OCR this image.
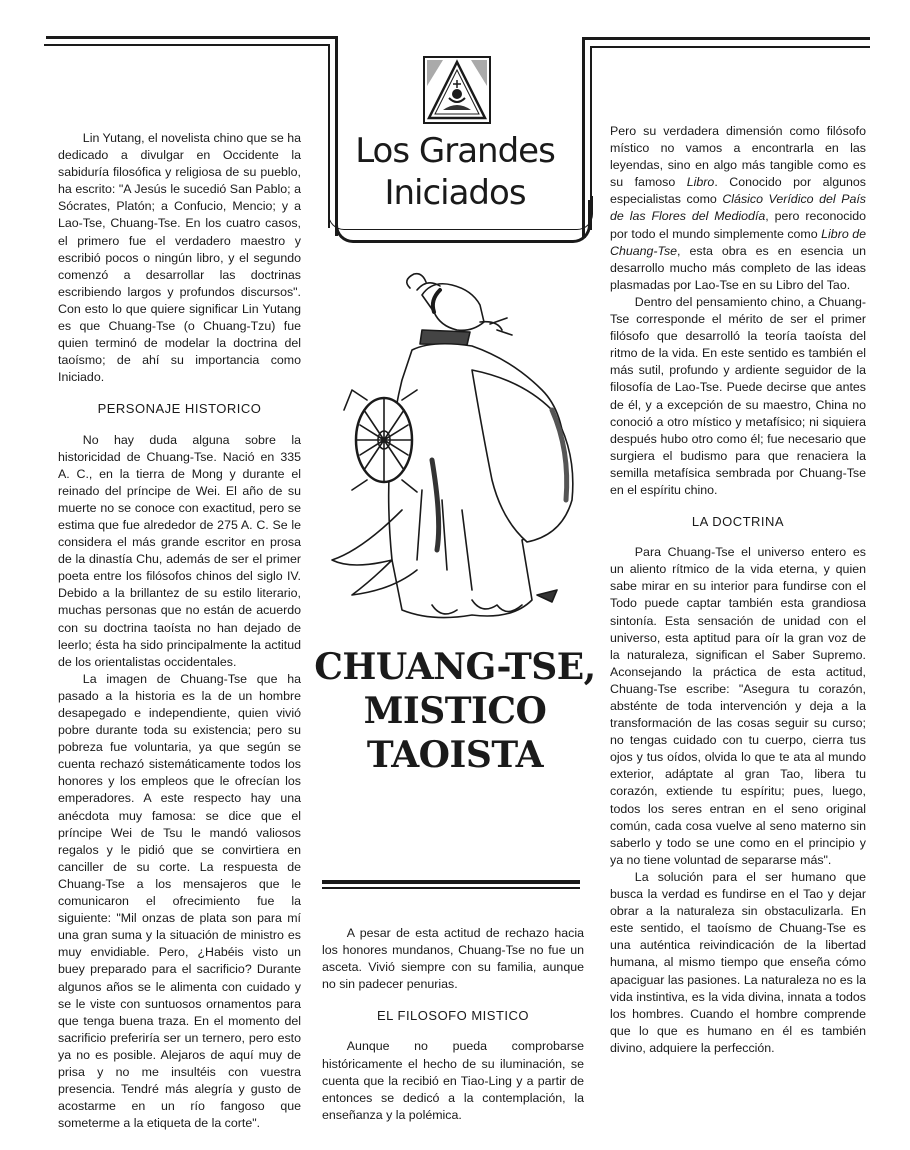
Los Grandes
Iniciados
CHUANG-TSE,
MISTICO
TAOISTA

Lin Yutang, el novelista chino que se ha dedicado a divulgar en Occidente la sabiduría filosófica y religiosa de su pueblo, ha escrito: "A Jesús le sucedió San Pablo; a Sócrates, Platón; a Confucio, Mencio; y a Lao-Tse, Chuang-Tse. En los cuatro casos, el primero fue el verdadero maestro y escribió pocos o ningún libro, y el segundo comenzó a desarrollar las doctrinas escribiendo largos y profundos discursos". Con esto lo que quiere significar Lin Yutang es que Chuang-Tse (o Chuang-Tzu) fue quien terminó de modelar la doctrina del taoísmo; de ahí su importancia como Iniciado.

PERSONAJE HISTORICO

No hay duda alguna sobre la historicidad de Chuang-Tse. Nació en 335 A. C., en la tierra de Mong y durante el reinado del príncipe de Wei. El año de su muerte no se conoce con exactitud, pero se estima que fue alrededor de 275 A. C. Se le considera el más grande escritor en prosa de la dinastía Chu, además de ser el primer poeta entre los filósofos chinos del siglo IV. Debido a la brillantez de su estilo literario, muchas personas que no están de acuerdo con su doctrina taoísta no han dejado de leerlo; ésta ha sido principalmente la actitud de los orientalistas occidentales.

La imagen de Chuang-Tse que ha pasado a la historia es la de un hombre desapegado e independiente, quien vivió pobre durante toda su existencia; pero su pobreza fue voluntaria, ya que según se cuenta rechazó sistemáticamente todos los honores y los empleos que le ofrecían los emperadores. A este respecto hay una anécdota muy famosa: se dice que el príncipe Wei de Tsu le mandó valiosos regalos y le pidió que se convirtiera en canciller de su corte. La respuesta de Chuang-Tse a los mensajeros que le comunicaron el ofrecimiento fue la siguiente: "Mil onzas de plata son para mí una gran suma y la situación de ministro es muy envidiable. Pero, ¿Habéis visto un buey preparado para el sacrificio? Durante algunos años se le alimenta con cuidado y se le viste con suntuosos ornamentos para que tenga buena traza. En el momento del sacrificio preferiría ser un ternero, pero esto ya no es posible. Alejaros de aquí muy de prisa y no me insultéis con vuestra presencia. Tendré más alegría y gusto de acostarme en un río fangoso que someterme a la etiqueta de la corte".

A pesar de esta actitud de rechazo hacia los honores mundanos, Chuang-Tse no fue un asceta. Vivió siempre con su familia, aunque no sin padecer penurias.

EL FILOSOFO MISTICO

Aunque no pueda comprobarse históricamente el hecho de su iluminación, se cuenta que la recibió en Tiao-Ling y a partir de entonces se dedicó a la contemplación, la enseñanza y la polémica.

Pero su verdadera dimensión como filósofo místico no vamos a encontrarla en las leyendas, sino en algo más tangible como es su famoso Libro. Conocido por algunos especialistas como Clásico Verídico del País de las Flores del Mediodía, pero reconocido por todo el mundo simplemente como Libro de Chuang-Tse, esta obra es en esencia un desarrollo mucho más completo de las ideas plasmadas por Lao-Tse en su Libro del Tao.

Dentro del pensamiento chino, a Chuang-Tse corresponde el mérito de ser el primer filósofo que desarrolló la teoría taoísta del ritmo de la vida. En este sentido es también el más sutil, profundo y ardiente seguidor de la filosofía de Lao-Tse. Puede decirse que antes de él, y a excepción de su maestro, China no conoció a otro místico y metafísico; ni siquiera después hubo otro como él; fue necesario que surgiera el budismo para que renaciera la semilla metafísica sembrada por Chuang-Tse en el espíritu chino.

LA DOCTRINA

Para Chuang-Tse el universo entero es un aliento rítmico de la vida eterna, y quien sabe mirar en su interior para fundirse con el Todo puede captar también esta grandiosa sintonía. Esta sensación de unidad con el universo, esta aptitud para oír la gran voz de la naturaleza, significan el Saber Supremo. Aconsejando la práctica de esta actitud, Chuang-Tse escribe: "Asegura tu corazón, absténte de toda intervención y deja a la transformación de las cosas seguir su curso; no tengas cuidado con tu cuerpo, cierra tus ojos y tus oídos, olvida lo que te ata al mundo exterior, adáptate al gran Tao, libera tu corazón, extiende tu espíritu; pues, luego, todos los seres entran en el seno original común, cada cosa vuelve al seno materno sin saberlo y todo se une como en el principio y ya no tiene voluntad de separarse más".

La solución para el ser humano que busca la verdad es fundirse en el Tao y dejar obrar a la naturaleza sin obstaculizarla. En este sentido, el taoísmo de Chuang-Tse es una auténtica reivindicación de la libertad humana, al mismo tiempo que enseña cómo apaciguar las pasiones. La naturaleza no es la vida instintiva, es la vida divina, innata a todos los hombres. Cuando el hombre comprende que lo que es humano en él es también divino, adquiere la perfección.
